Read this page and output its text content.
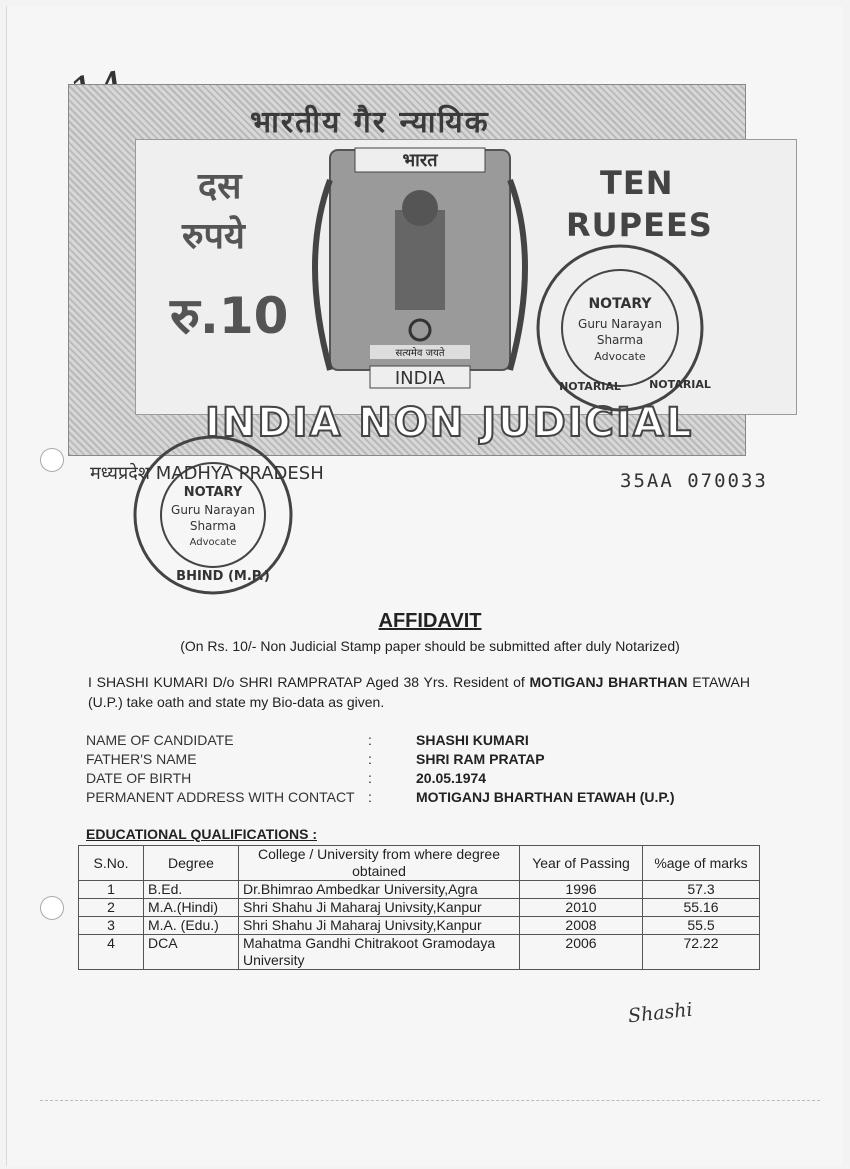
भारतीय गैर न्यायिक
दस
रुपये
TEN
RUPEES
रु.10
सत्यमेव जयते
भारत
INDIA
INDIA NON JUDICIAL
NOTARY
Guru Narayan
Sharma
Advocate
NOTARIAL	NOTARIAL
NOTARY
Guru Narayan
Sharma
Advocate
BHIND (M.P.)
मध्यप्रदेश MADHYA PRADESH	35AA 070033
AFFIDAVIT
(On Rs. 10/- Non Judicial Stamp paper should be submitted after duly Notarized)
I SHASHI KUMARI D/o SHRI RAMPRATAP Aged 38 Yrs. Resident of MOTIGANJ BHARTHAN ETAWAH (U.P.) take oath and state my Bio-data as given.
NAME OF CANDIDATE	:	SHASHI KUMARI
FATHER'S NAME	:	SHRI RAM PRATAP
DATE OF BIRTH	:	20.05.1974
PERMANENT ADDRESS WITH CONTACT :	MOTIGANJ BHARTHAN ETAWAH (U.P.)
EDUCATIONAL QUALIFICATIONS :
S.No.	Degree	College / University from where degree obtained	Year of Passing	%age of marks
1	B.Ed.	Dr.Bhimrao Ambedkar University,Agra	1996	57.3
2	M.A.(Hindi)	Shri Shahu Ji Maharaj Univsity,Kanpur	2010	55.16
3	M.A. (Edu.)	Shri Shahu Ji Maharaj Univsity,Kanpur	2008	55.5
4	DCA	Mahatma Gandhi Chitrakoot Gramodaya University	2006	72.22
Shashi
